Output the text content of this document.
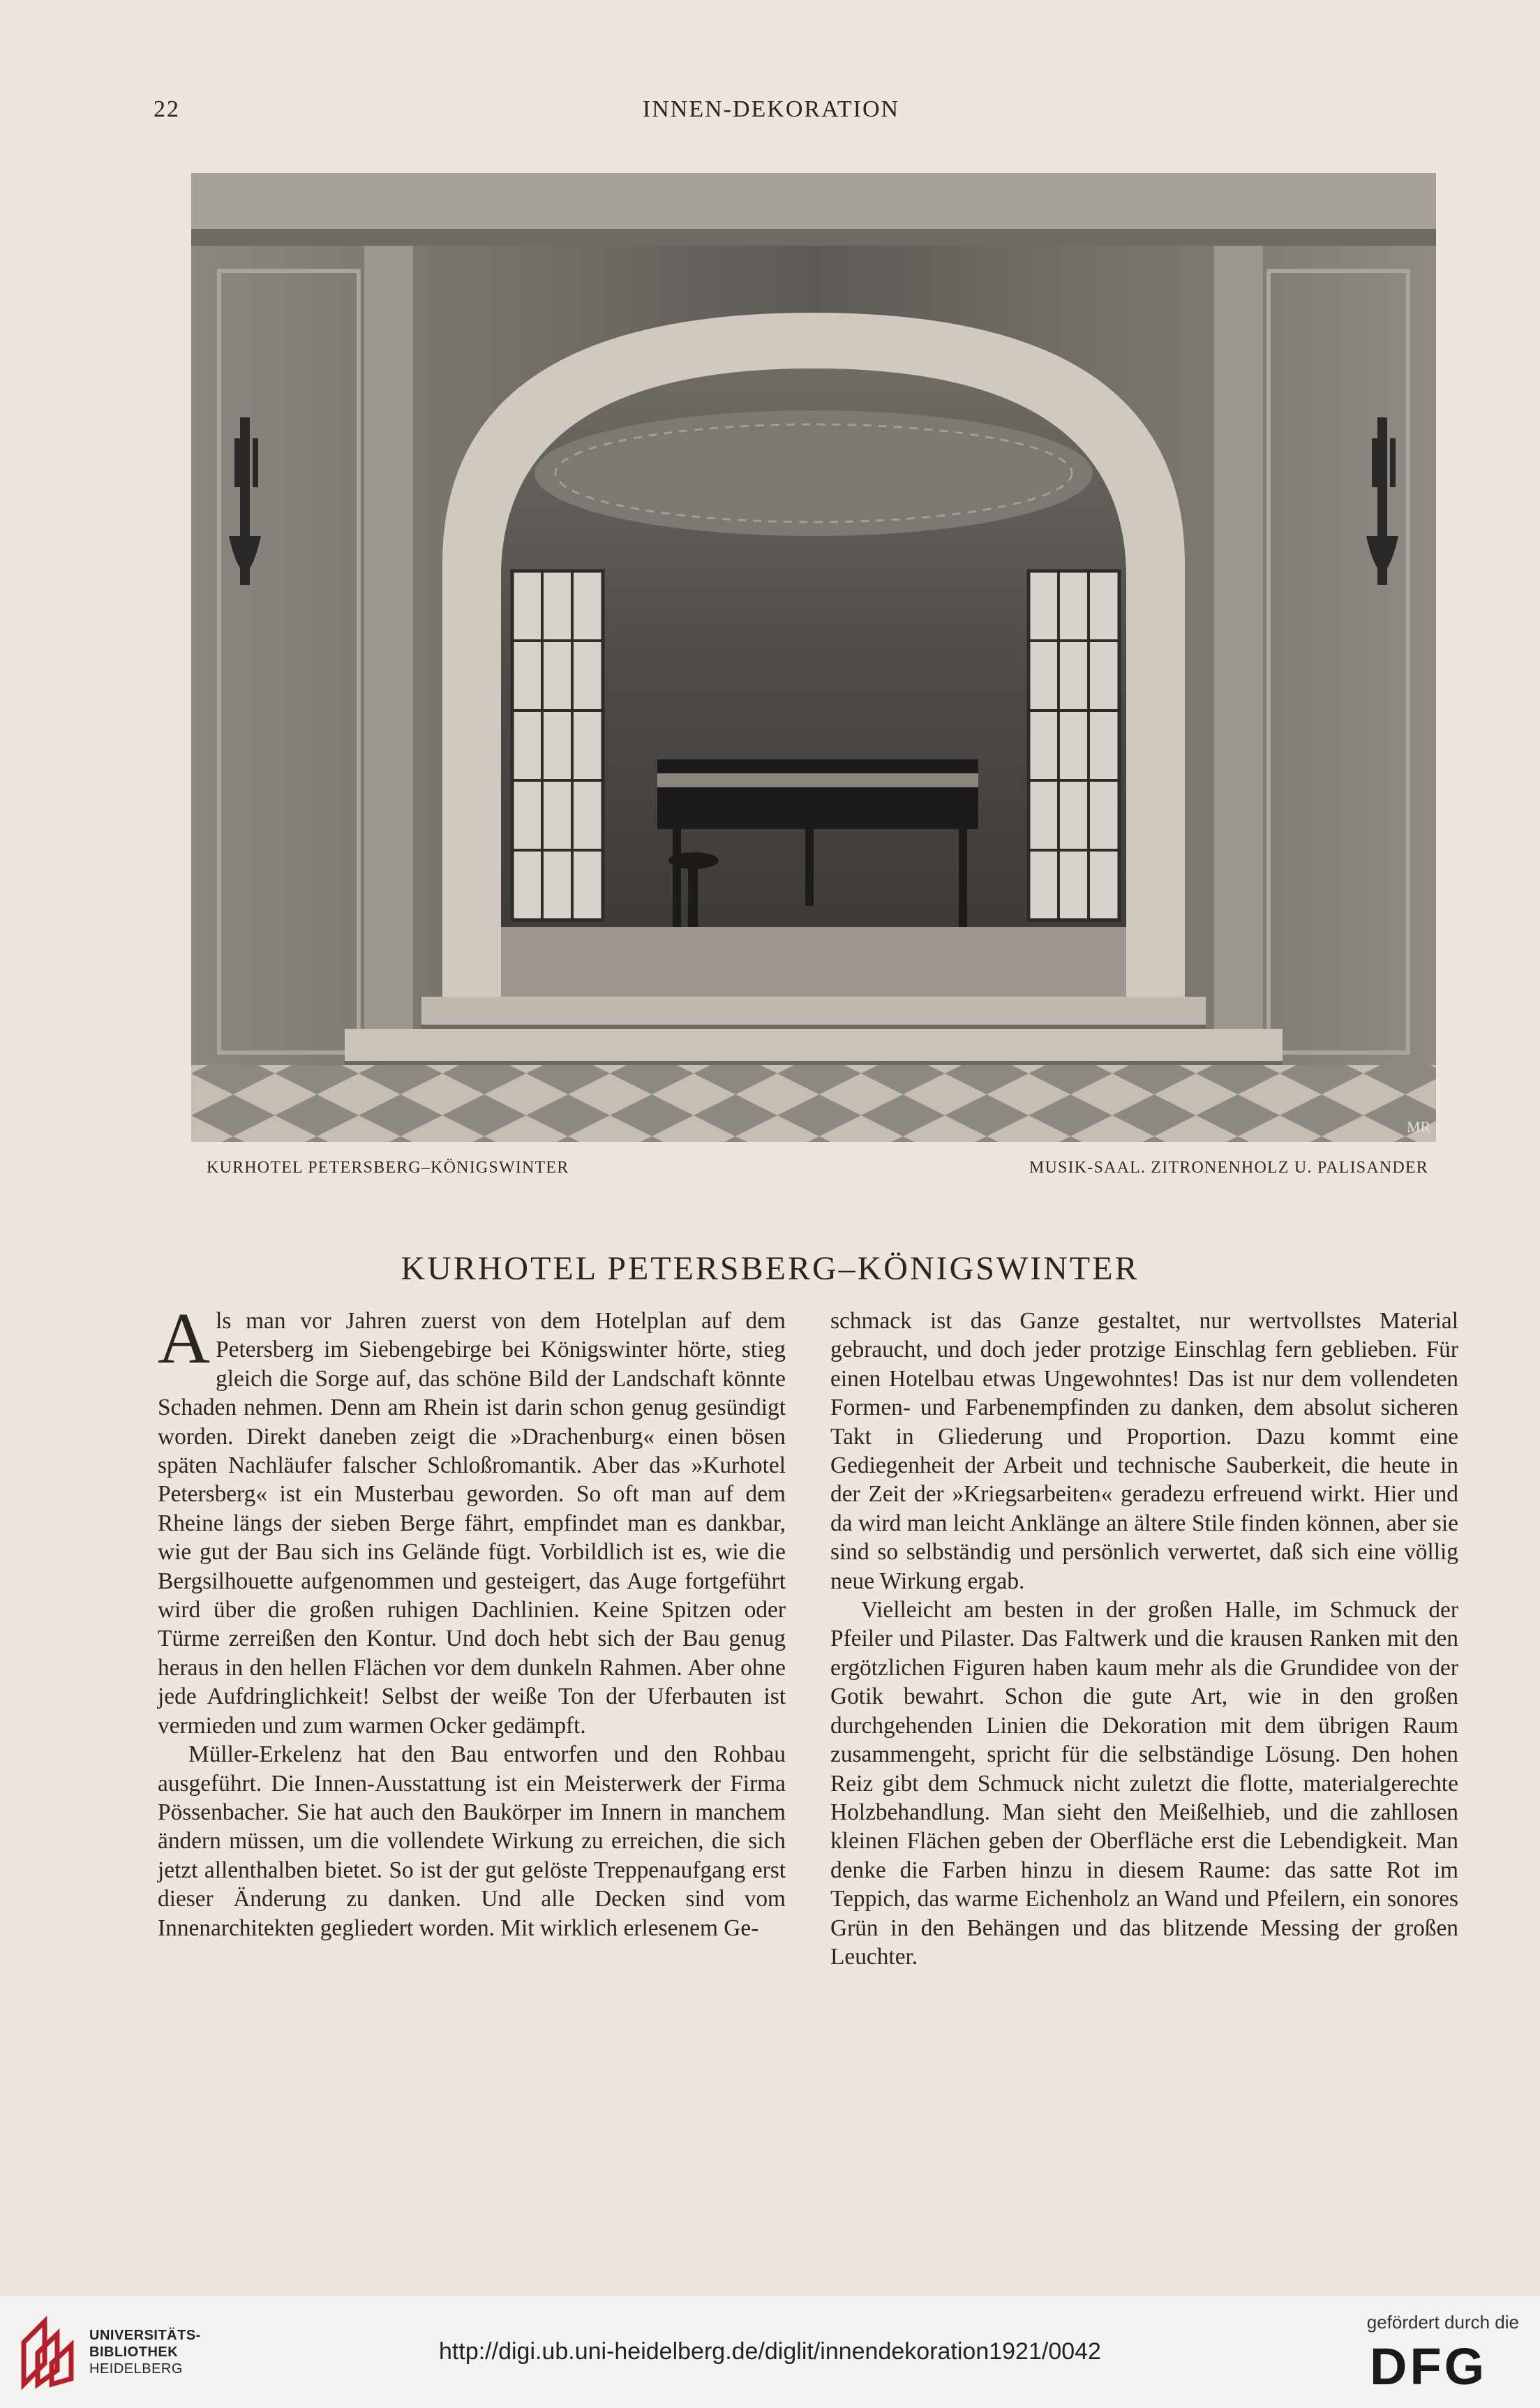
22	INNEN-DEKORATION
MR
KURHOTEL PETERSBERG–KÖNIGSWINTER	MUSIK-SAAL. ZITRONENHOLZ U. PALISANDER
KURHOTEL PETERSBERG–KÖNIGSWINTER

Als man vor Jahren zuerst von dem Hotelplan auf dem Petersberg im Siebengebirge bei Königswinter hörte, stieg gleich die Sorge auf, das schöne Bild der Landschaft könnte Schaden nehmen. Denn am Rhein ist darin schon genug gesündigt worden. Direkt daneben zeigt die »Drachenburg« einen bösen späten Nachläufer falscher Schloßromantik. Aber das »Kurhotel Petersberg« ist ein Musterbau geworden. So oft man auf dem Rheine längs der sieben Berge fährt, empfindet man es dankbar, wie gut der Bau sich ins Gelände fügt. Vorbildlich ist es, wie die Bergsilhouette aufgenommen und gesteigert, das Auge fortgeführt wird über die großen ruhigen Dachlinien. Keine Spitzen oder Türme zerreißen den Kontur. Und doch hebt sich der Bau genug heraus in den hellen Flächen vor dem dunkeln Rahmen. Aber ohne jede Aufdringlichkeit! Selbst der weiße Ton der Uferbauten ist vermieden und zum warmen Ocker gedämpft.

Müller-Erkelenz hat den Bau entworfen und den Rohbau ausgeführt. Die Innen-Ausstattung ist ein Meisterwerk der Firma Pössenbacher. Sie hat auch den Baukörper im Innern in manchem ändern müssen, um die vollendete Wirkung zu erreichen, die sich jetzt allenthalben bietet. So ist der gut gelöste Treppenaufgang erst dieser Änderung zu danken. Und alle Decken sind vom Innenarchitekten gegliedert worden. Mit wirklich erlesenem Ge-

schmack ist das Ganze gestaltet, nur wertvollstes Material gebraucht, und doch jeder protzige Einschlag fern geblieben. Für einen Hotelbau etwas Ungewohntes! Das ist nur dem vollendeten Formen- und Farbenempfinden zu danken, dem absolut sicheren Takt in Gliederung und Proportion. Dazu kommt eine Gediegenheit der Arbeit und technische Sauberkeit, die heute in der Zeit der »Kriegsarbeiten« geradezu erfreuend wirkt. Hier und da wird man leicht Anklänge an ältere Stile finden können, aber sie sind so selbständig und persönlich verwertet, daß sich eine völlig neue Wirkung ergab.

Vielleicht am besten in der großen Halle, im Schmuck der Pfeiler und Pilaster. Das Faltwerk und die krausen Ranken mit den ergötzlichen Figuren haben kaum mehr als die Grundidee von der Gotik bewahrt. Schon die gute Art, wie in den großen durchgehenden Linien die Dekoration mit dem übrigen Raum zusammengeht, spricht für die selbständige Lösung. Den hohen Reiz gibt dem Schmuck nicht zuletzt die flotte, materialgerechte Holzbehandlung. Man sieht den Meißelhieb, und die zahllosen kleinen Flächen geben der Oberfläche erst die Lebendigkeit. Man denke die Farben hinzu in diesem Raume: das satte Rot im Teppich, das warme Eichenholz an Wand und Pfeilern, ein sonores Grün in den Behängen und das blitzende Messing der großen Leuchter.

UNIVERSITÄTS-
BIBLIOTHEK
HEIDELBERG
http://digi.ub.uni-heidelberg.de/diglit/innendekoration1921/0042
gefördert durch die
DFG
